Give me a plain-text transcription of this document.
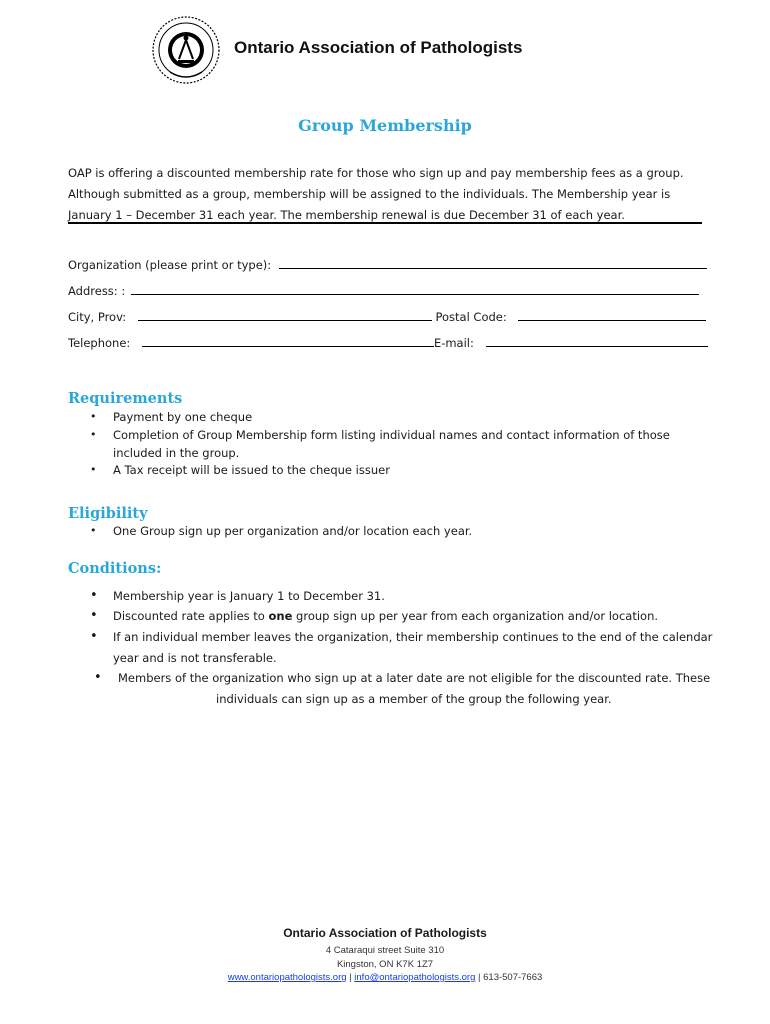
Ontario Association of Pathologists
Group Membership
OAP is offering a discounted membership rate for those who sign up and pay membership fees as a group.
Although submitted as a group, membership will be assigned to the individuals. The Membership year is
January 1 – December 31 each year. The membership renewal is due December 31 of each year.
Organization (please print or type):
Address: :
City, Prov:	Postal Code:
Telephone:	E-mail:
Requirements
• Payment by one cheque
• Completion of Group Membership form listing individual names and contact information of those
included in the group.
• A Tax receipt will be issued to the cheque issuer
Eligibility
• One Group sign up per organization and/or location each year.
Conditions:
• Membership year is January 1 to December 31.
• Discounted rate applies to one group sign up per year from each organization and/or location.
• If an individual member leaves the organization, their membership continues to the end of the calendar
year and is not transferable.
• Members of the organization who sign up at a later date are not eligible for the discounted rate. These
individuals can sign up as a member of the group the following year.
Ontario Association of Pathologists
4 Cataraqui street Suite 310
Kingston, ON K7K 1Z7
www.ontariopathologists.org | info@ontariopathologists.org | 613-507-7663
